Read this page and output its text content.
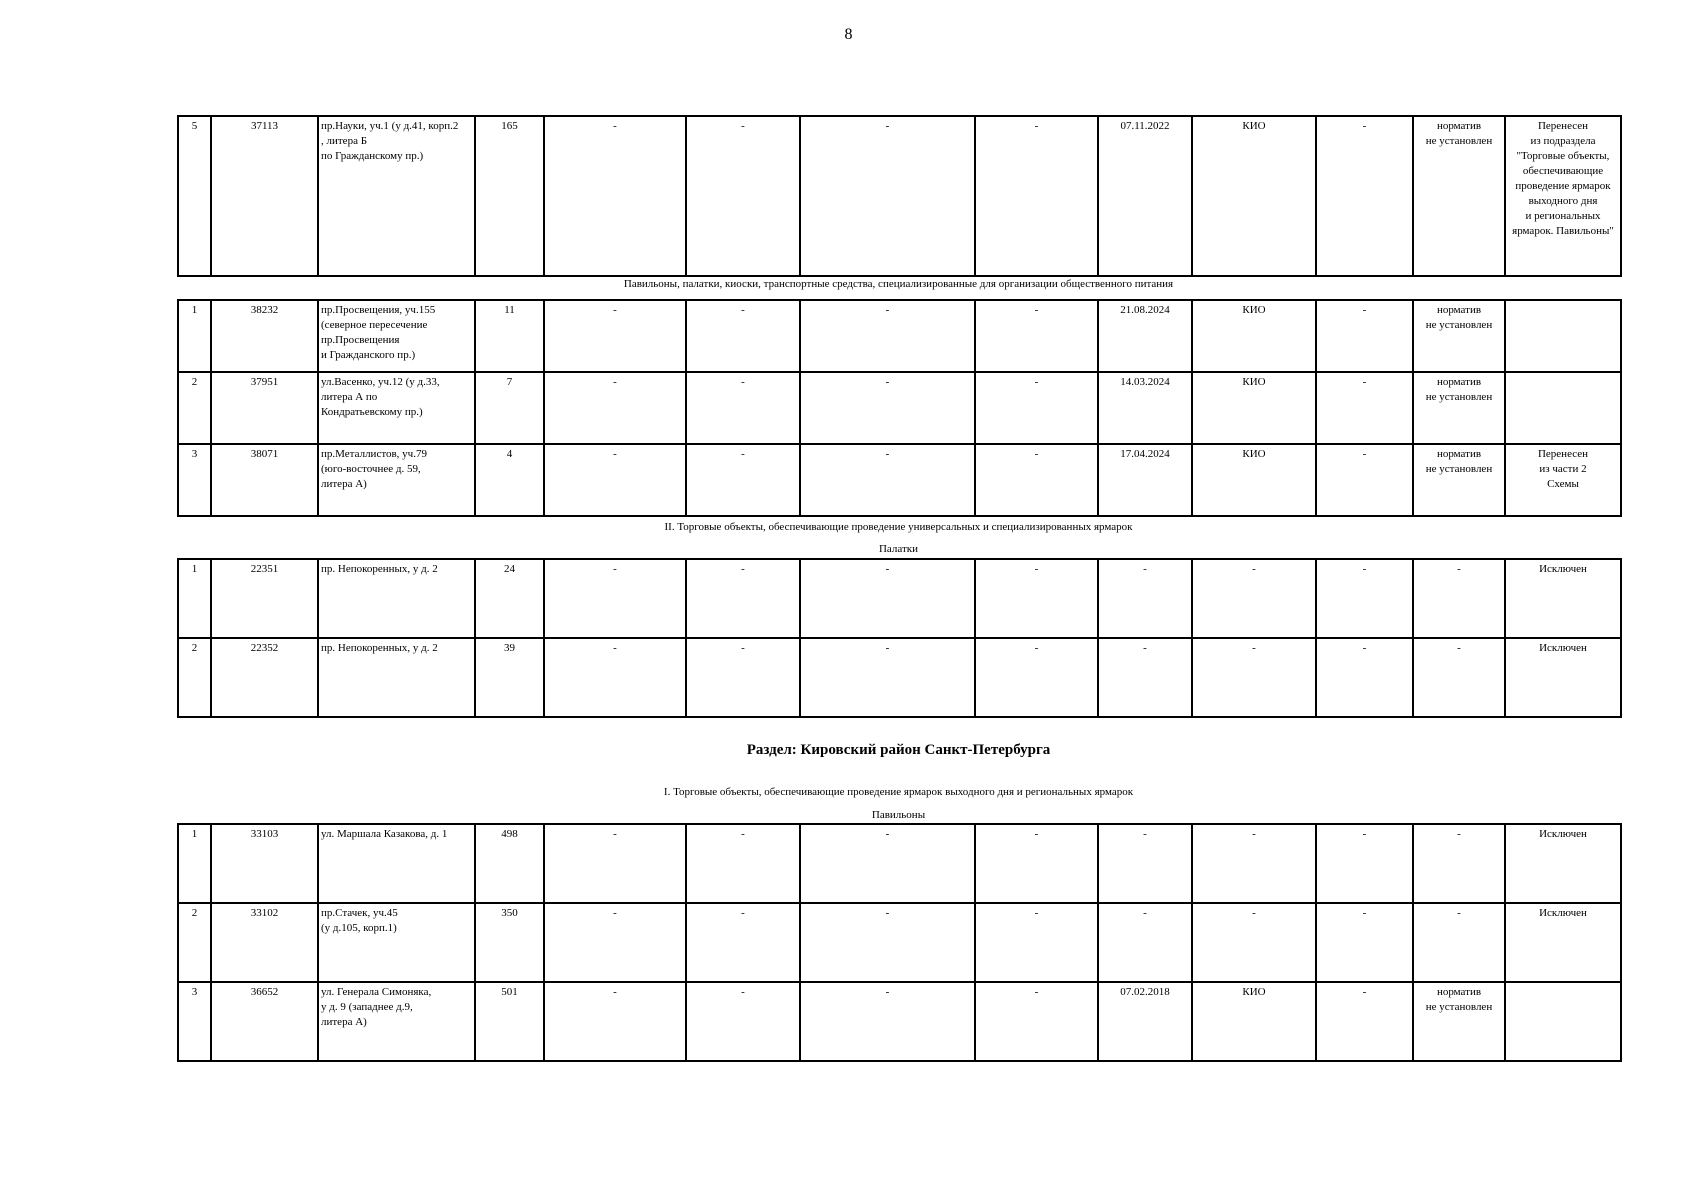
8
5	37113	пр.Науки, уч.1 (у д.41, корп.2
, литера Б
по Гражданскому пр.)	165	-	-	-	-	07.11.2022	КИО	-	норматив
не установлен	Перенесен
из подраздела
"Торговые объекты,
обеспечивающие
проведение ярмарок
выходного дня
и региональных
ярмарок. Павильоны"
Павильоны, палатки, киоски, транспортные средства, специализированные для организации общественного питания
1	38232	пр.Просвещения, уч.155
(северное пересечение
пр.Просвещения
и Гражданского пр.)	11	-	-	-	-	21.08.2024	КИО	-	норматив
не установлен	
2	37951	ул.Васенко, уч.12 (у д.33,
литера А по
Кондратьевскому пр.)	7	-	-	-	-	14.03.2024	КИО	-	норматив
не установлен	
3	38071	пр.Металлистов, уч.79
(юго-восточнее д. 59,
литера А)	4	-	-	-	-	17.04.2024	КИО	-	норматив
не установлен	Перенесен
из части 2
Схемы
II. Торговые объекты, обеспечивающие проведение универсальных и специализированных ярмарок
Палатки
1	22351	пр. Непокоренных, у д. 2	24	-	-	-	-	-	-	-	-	Исключен
2	22352	пр. Непокоренных, у д. 2	39	-	-	-	-	-	-	-	-	Исключен
Раздел: Кировский район Санкт-Петербурга
I. Торговые объекты, обеспечивающие проведение ярмарок выходного дня и региональных ярмарок
Павильоны
1	33103	ул. Маршала Казакова, д. 1	498	-	-	-	-	-	-	-	-	Исключен
2	33102	пр.Стачек, уч.45
(у д.105, корп.1)	350	-	-	-	-	-	-	-	-	Исключен
3	36652	ул. Генерала Симоняка,
у д. 9 (западнее д.9,
литера А)	501	-	-	-	-	07.02.2018	КИО	-	норматив
не установлен	
